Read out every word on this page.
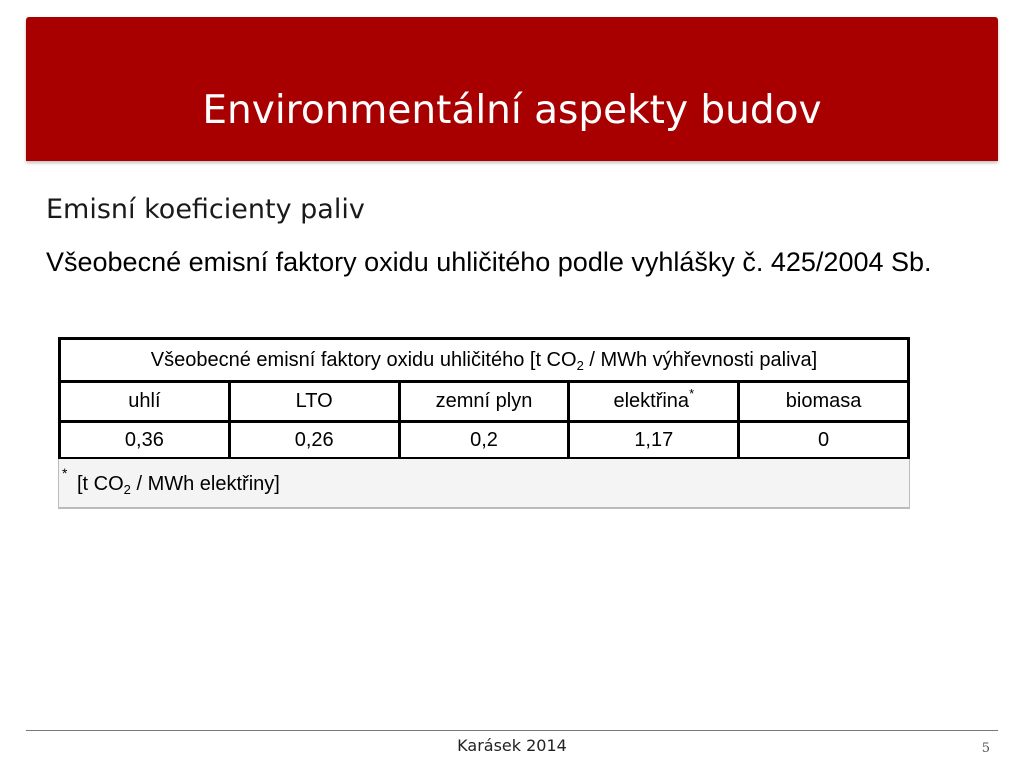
Environmentální aspekty budov
Emisní koeficienty paliv
Všeobecné emisní faktory oxidu uhličitého podle vyhlášky č. 425/2004 Sb.
Všeobecné emisní faktory oxidu uhličitého [t $CO_2$ / MWh výhřevnosti paliva]				
uhlí	LTO	zemní plyn	elektřina*	biomasa
0,36	0,26	0,2	1,17	0
* [t $CO_2$ / MWh elektřiny]
Karásek 2014	5
